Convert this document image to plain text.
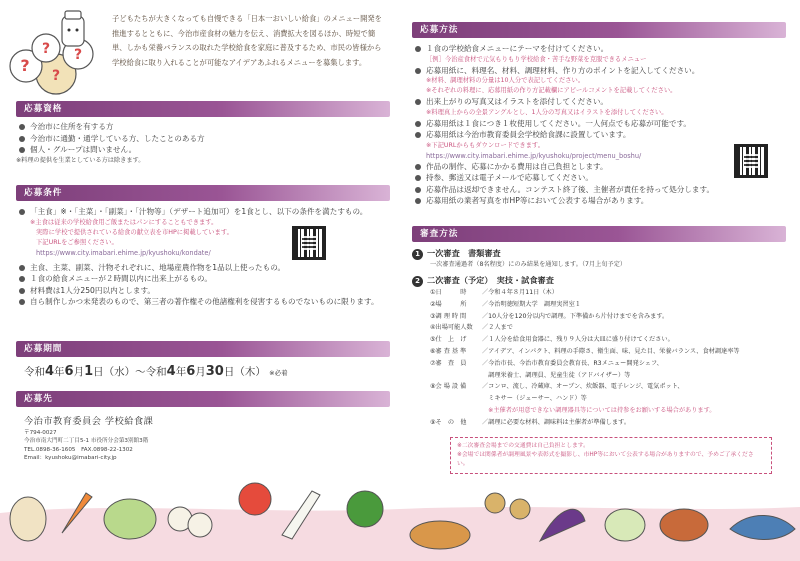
?
? ?
?
子どもたちが大きくなっても自慢できる「日本一おいしい給食」のメニュー開発を推進するとともに、今治市産食材の魅力を伝え、消費拡大を図るほか、時短で簡単、しかも栄養バランスの取れた学校給食を家庭に普及するため、市民の皆様から学校給食に取り入れることが可能なアイデアあふれるメニューを募集します。
応募資格
今治市に住所を有する方
今治市に通勤・通学している方、したことのある方
個人・グループは問いません。
※料理の提供を生業としている方は除きます。
応募条件
「主食」※・「主菜」・「副菜」・「汁物等」（デザート追加可）を1食とし、以下の条件を満たすもの。
※主食は従来の学校給食用ご飯またはパンにすることもできます。
実際に学校で提供されている給食の献立表を市HPに掲載しています。
下記URLをご参照ください。
https://www.city.imabari.ehime.jp/kyushoku/kondate/
主食、主菜、副菜、汁物それぞれに、地場産農作物を1品以上使ったもの。
１食の給食メニューが２時間以内に出来上がるもの。
材料費は1人分250円以内とします。
自ら制作しかつ未発表のもので、第三者の著作権その他諸権利を侵害するものでないものに限ります。
応募期間
令和4年6月1日（水）〜令和4年6月30日（木） ※必着
応募先
今治市教育委員会 学校給食課
〒794-0027
今治市南大門町二丁目5-1 市役所分会第3別館3階
TEL.0898-36-1605　FAX.0898-22-1302
Email：kyushoku@imabari-city.jp
応募方法
１食の学校給食メニューにテーマを付けてください。
［例］今治産食材で元気もりもり学校給食・苦手な野菜を克服できるメニュー
応募用紙に、料理名、材料、調理材料、作り方のポイントを記入してください。
※材料、調理材料の分量は10人分で表記してください。
※それぞれの料理に、応募用紙の作り方記載欄にアピールコメントを記載してください。
出来上がりの写真又はイラストを添付してください。
※料理真上からの全景アングルとし、1人分の写真又はイラストを添付してください。
応募用紙は１食につき１枚使用してください。一人何点でも応募が可能です。
応募用紙は今治市教育委員会学校給食課に設置しています。
※下記URLからもダウンロードできます。
https://www.city.imabari.ehime.jp/kyushoku/project/menu_boshu/
作品の制作、応募にかかる費用は自己負担とします。
持参、郵送又は電子メールで応募してください。
応募作品は返却できません。コンテスト終了後、主催者が責任を持って処分します。
応募用紙の業者写真を市HP等において公表する場合があります。
審査方法
1 一次審査　書類審査
一次審査通過者（8名程度）にのみ結果を通知します。（7月上旬予定）
2 二次審査（予定）　実技・試食審査
①日　　　時	／令和４年８月11日（木）
②場　　　所	／今治明徳短期大学　調理実習室１
③調 理 時 間	／10人分を120分以内で調理。下準備から片付けまでを含みます。
④出場可能人数	／２人まで
⑤仕　上　げ	／１人分を給食用食器に、残り９人分は大皿に盛り付けてください。
⑥審 査 基 準	／アイデア、インパクト、料理の手際さ、衛生面、味、見た目、栄養バランス、食材調達率等
⑦審　査　員	／今治市長、今治市教育委員会教育長、R3メニュー開発シェフ、
　調理栄養士、調理員、児童生徒（アドバイザー）等
⑧会 場 設 備	／コンロ、流し、冷蔵庫、オーブン、炊飯器、電子レンジ、電気ポット、
　ミキサー（ジューサー、ハンド）等
　※主催者が用意できない調理器具等については持参をお願いする場合があります。
⑨そ　の　他	／調理に必要な材料、調味料は主催者が準備します。
※二次審査会場までの交通費は自己負担とします。
※会場では関係者が調理風景や表彰式を撮影し、市HP等において公表する場合がありますので、予めご了承ください。
